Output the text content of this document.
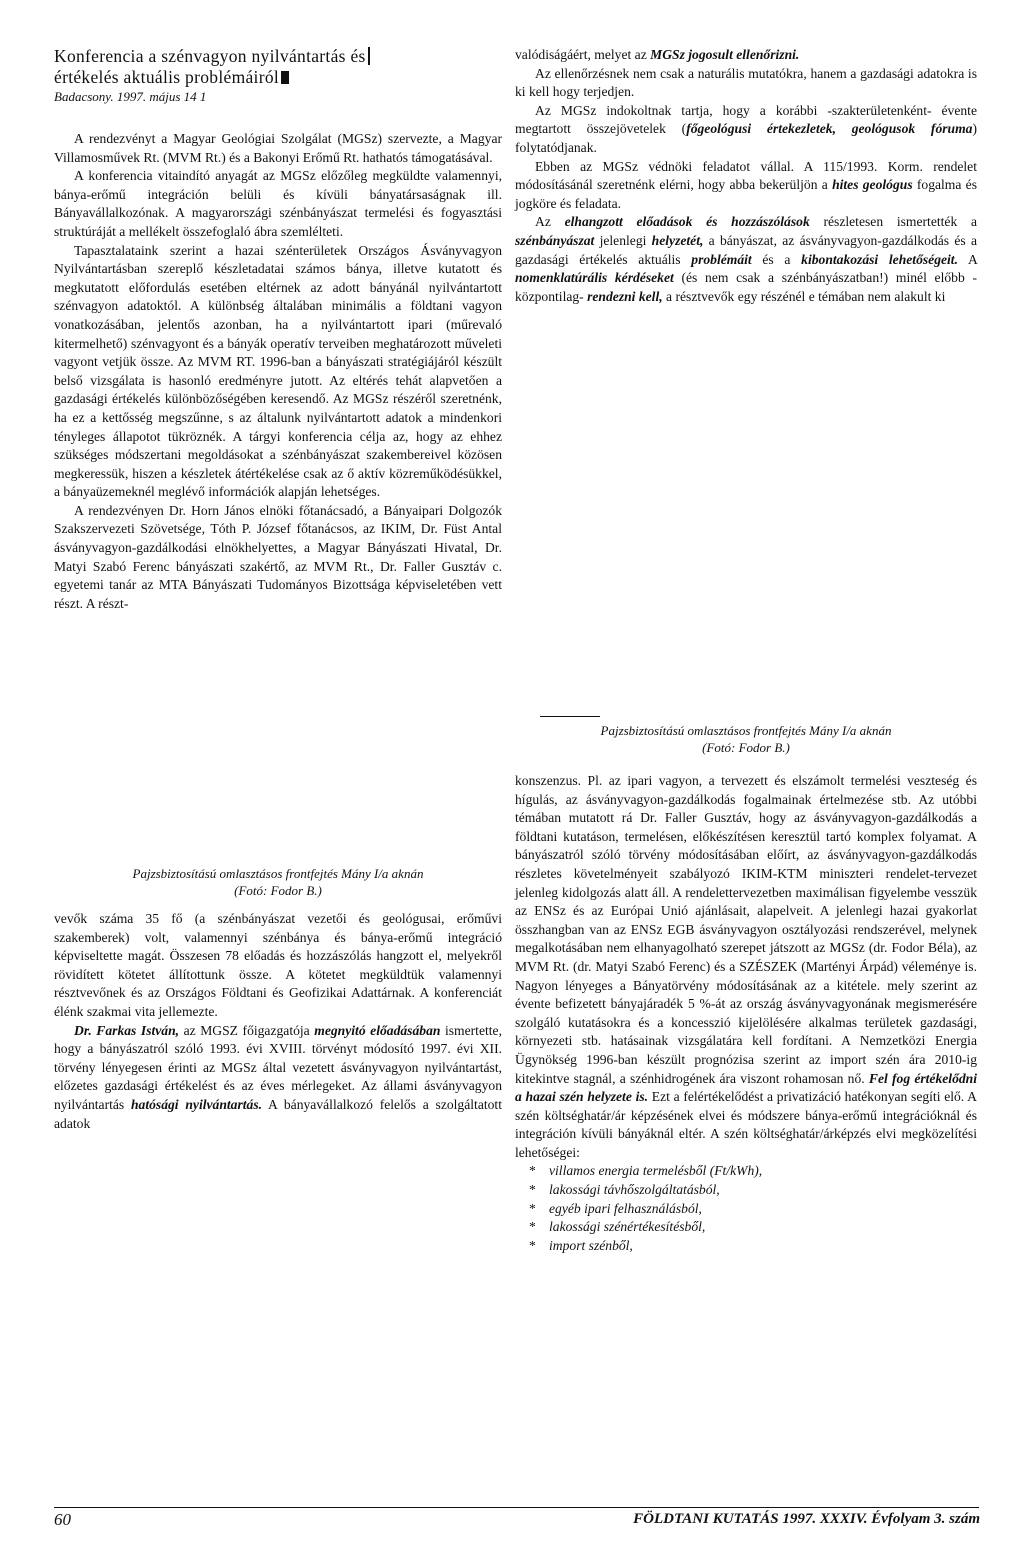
Konferencia a szénvagyon nyilvántartás és
értékelés aktuális problémáiról
Badacsony. 1997. május 14 1

A rendezvényt a Magyar Geológiai Szolgálat (MGSz) szervezte, a Magyar Villamosművek Rt. (MVM Rt.) és a Bakonyi Erőmű Rt. hathatós támogatásával.

A konferencia vitaindító anyagát az MGSz előzőleg megküldte valamennyi, bánya-erőmű integráción belüli és kívüli bányatársaságnak ill. Bányavállalkozónak. A magyarországi szénbányászat termelési és fogyasztási struktúráját a mellékelt összefoglaló ábra szemlélteti.

Tapasztalataink szerint a hazai szénterületek Országos Ásványvagyon Nyilvántartásban szereplő készletadatai számos bánya, illetve kutatott és megkutatott előfordulás esetében eltérnek az adott bányánál nyilvántartott szénvagyon adatoktól. A különbség általában minimális a földtani vagyon vonatkozásában, jelentős azonban, ha a nyilvántartott ipari (műrevaló kitermelhető) szénvagyont és a bányák operatív terveiben meghatározott műveleti vagyont vetjük össze. Az MVM RT. 1996-ban a bányászati stratégiájáról készült belső vizsgálata is hasonló eredményre jutott. Az eltérés tehát alapvetően a gazdasági értékelés különbözőségében keresendő. Az MGSz részéről szeretnénk, ha ez a kettősség megszűnne, s az általunk nyilvántartott adatok a mindenkori tényleges állapotot tükröznék. A tárgyi konferencia célja az, hogy az ehhez szükséges módszertani megoldásokat a szénbányászat szakembereivel közösen megkeressük, hiszen a készletek átértékelése csak az ő aktív közreműködésükkel, a bányaüzemeknél meglévő információk alapján lehetséges.

A rendezvényen Dr. Horn János elnöki főtanácsadó, a Bányaipari Dolgozók Szakszervezeti Szövetsége, Tóth P. József főtanácsos, az IKIM, Dr. Füst Antal ásványvagyon-gazdálkodási elnökhelyettes, a Magyar Bányászati Hivatal, Dr. Matyi Szabó Ferenc bányászati szakértő, az MVM Rt., Dr. Faller Gusztáv c. egyetemi tanár az MTA Bányászati Tudományos Bizottsága képviseletében vett részt. A részt-

Pajzsbiztosítású omlasztásos frontfejtés Mány I/a aknán
(Fotó: Fodor B.)

vevők száma 35 fő (a szénbányászat vezetői és geológusai, erőművi szakemberek) volt, valamennyi szénbánya és bánya-erőmű integráció képviseltette magát. Összesen 78 előadás és hozzászólás hangzott el, melyekről rövidített kötetet állítottunk össze. A kötetet megküldtük valamennyi résztvevőnek és az Országos Földtani és Geofizikai Adattárnak. A konferenciát élénk szakmai vita jellemezte.

Dr. Farkas István, az MGSZ főigazgatója megnyitó előadásában ismertette, hogy a bányászatról szóló 1993. évi XVIII. törvényt módosító 1997. évi XII. törvény lényegesen érinti az MGSz által vezetett ásványvagyon nyilvántartást, előzetes gazdasági értékelést és az éves mérlegeket. Az állami ásványvagyon nyilvántartás hatósági nyilvántartás. A bányavállalkozó felelős a szolgáltatott adatok

valódiságáért, melyet az MGSz jogosult ellenőrizni.

Az ellenőrzésnek nem csak a naturális mutatókra, hanem a gazdasági adatokra is ki kell hogy terjedjen.

Az MGSz indokoltnak tartja, hogy a korábbi -szakterületenként- évente megtartott összejövetelek (főgeológusi értekezletek, geológusok fóruma) folytatódjanak.

Ebben az MGSz védnöki feladatot vállal. A 115/1993. Korm. rendelet módosításánál szeretnénk elérni, hogy abba bekerüljön a hites geológus fogalma és jogköre és feladata.

Az elhangzott előadások és hozzászólások részletesen ismertették a szénbányászat jelenlegi helyzetét, a bányászat, az ásványvagyon-gazdálkodás és a gazdasági értékelés aktuális problémáit és a kibontakozási lehetőségeit. A nomenklatúrális kérdéseket (és nem csak a szénbányászatban!) minél előbb -központilag- rendezni kell, a résztvevők egy részénél e témában nem alakult ki

Pajzsbiztosítású omlasztásos frontfejtés Mány I/a aknán
(Fotó: Fodor B.)

konszenzus. Pl. az ipari vagyon, a tervezett és elszámolt termelési veszteség és hígulás, az ásványvagyon-gazdálkodás fogalmainak értelmezése stb. Az utóbbi témában mutatott rá Dr. Faller Gusztáv, hogy az ásványvagyon-gazdálkodás a földtani kutatáson, termelésen, előkészítésen keresztül tartó komplex folyamat. A bányászatról szóló törvény módosításában előírt, az ásványvagyon-gazdálkodás részletes követelményeit szabályozó IKIM-KTM miniszteri rendelet-tervezet jelenleg kidolgozás alatt áll. A rendelettervezetben maximálisan figyelembe vesszük az ENSz és az Európai Unió ajánlásait, alapelveit. A jelenlegi hazai gyakorlat összhangban van az ENSz EGB ásványvagyon osztályozási rendszerével, melynek megalkotásában nem elhanyagolható szerepet játszott az MGSz (dr. Fodor Béla), az MVM Rt. (dr. Matyi Szabó Ferenc) és a SZÉSZEK (Martényi Árpád) véleménye is. Nagyon lényeges a Bányatörvény módosításának az a kitétele. mely szerint az évente befizetett bányajáradék 5 %-át az ország ásványvagyonának megismerésére szolgáló kutatásokra és a koncesszió kijelölésére alkalmas területek gazdasági, környezeti stb. hatásainak vizsgálatára kell fordítani. A Nemzetközi Energia Ügynökség 1996-ban készült prognózisa szerint az import szén ára 2010-ig kitekintve stagnál, a szénhidrogének ára viszont rohamosan nő. Fel fog értékelődni a hazai szén helyzete is. Ezt a felértékelődést a privatizáció hatékonyan segíti elő. A szén költséghatár/ár képzésének elvei és módszere bánya-erőmű integrációknál és integráción kívüli bányáknál eltér. A szén költséghatár/árképzés elvi megközelítési lehetőségei:

* villamos energia termelésből (Ft/kWh),
* lakossági távhőszolgáltatásból,
* egyéb ipari felhasználásból,
* lakossági szénértékesítésből,
* import szénből,
60	FÖLDTANI KUTATÁS 1997. XXXIV. Évfolyam 3. szám
